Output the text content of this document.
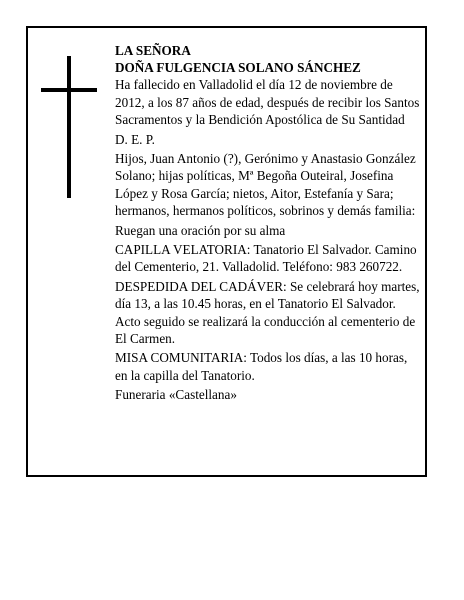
LA SEÑORA

DOÑA FULGENCIA SOLANO SÁNCHEZ

Ha fallecido en Valladolid el día 12 de noviembre de 2012, a los 87 años de edad, después de recibir los Santos Sacramentos y la Bendición Apostólica de Su Santidad

D. E. P.

Hijos, Juan Antonio (?), Gerónimo y Anastasio González Solano; hijas políticas, Mª Begoña Outeiral, Josefina López y Rosa García; nietos, Aitor, Estefanía y Sara; hermanos, hermanos políticos, sobrinos y demás familia:

Ruegan una oración por su alma

CAPILLA VELATORIA: Tanatorio El Salvador. Camino del Cementerio, 21. Valladolid. Teléfono: 983 260722.

DESPEDIDA DEL CADÁVER: Se celebrará hoy martes, día 13, a las 10.45 horas, en el Tanatorio El Salvador. Acto seguido se realizará la conducción al cementerio de El Carmen.

MISA COMUNITARIA: Todos los días, a las 10 horas, en la capilla del Tanatorio.

Funeraria «Castellana»
